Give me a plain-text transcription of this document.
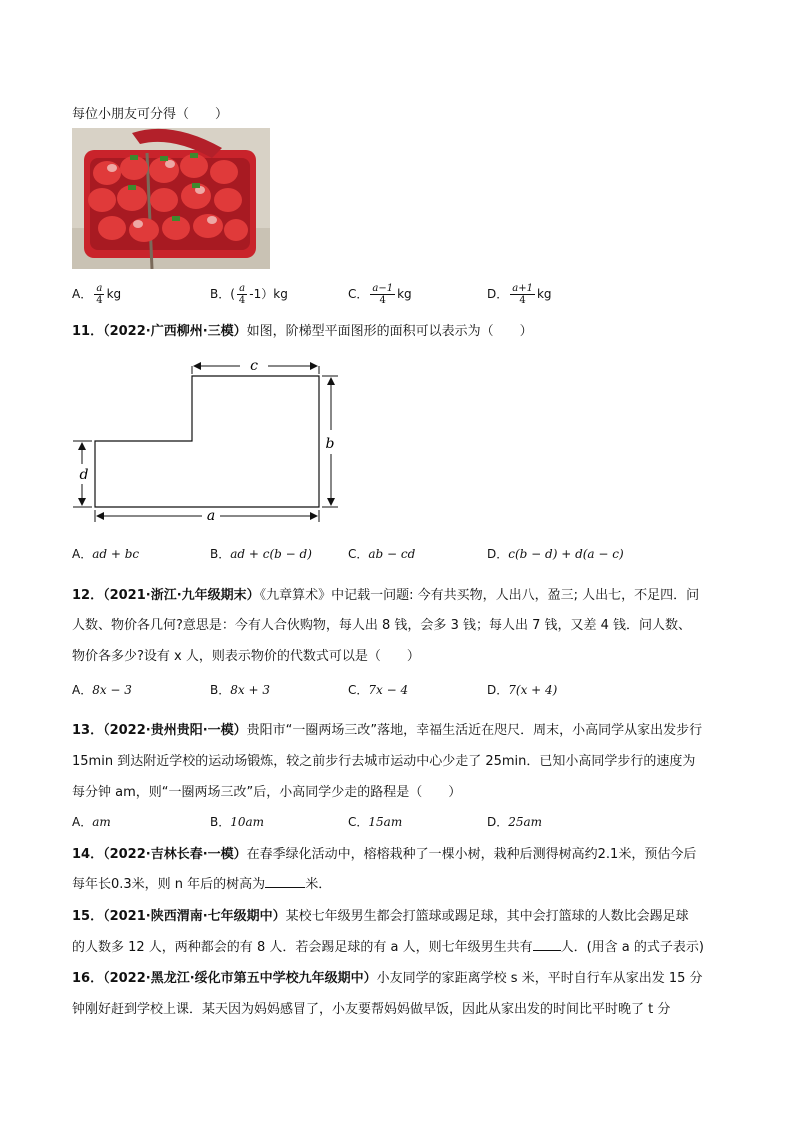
每位小朋友可分得（　　）
A． $\frac{a}{4}$ kg	B．( $\frac{a}{4} -1)kg$	C． $\frac{a-1}{4}$ kg	D． $\frac{a+1}{4}$ kg
11．（2022·广西柳州·三模）如图，阶梯型平面图形的面积可以表示为（　　）
c
b
d
a
A．ad + bc	B．ad + c(b − d)	C．ab − cd	D．c(b − d) + d(a − c)
12．（2021·浙江·九年级期末）《九章算术》中记载一问题: 今有共买物，人出八，盈三; 人出七，不足四．问
人数、物价各几何?意思是：今有人合伙购物，每人出 8 钱，会多 3 钱；每人出 7 钱，又差 4 钱．问人数、
物价各多少?设有 x 人，则表示物价的代数式可以是（　　）
A．8x − 3	B．8x + 3	C．7x − 4	D．7(x + 4)
13．（2022·贵州贵阳·一模）贵阳市“一圈两场三改”落地，幸福生活近在咫尺．周末，小高同学从家出发步行
15min 到达附近学校的运动场锻炼，较之前步行去城市运动中心少走了 25min．已知小高同学步行的速度为
每分钟 am，则“一圈两场三改”后，小高同学少走的路程是（　　）
A．am	B．10am	C．15am	D．25am
14．（2022·吉林长春·一模）在春季绿化活动中，榕榕栽种了一棵小树，栽种后测得树高约2.1米，预估今后
每年长0.3米，则 n 年后的树高为	米．
15．（2021·陕西渭南·七年级期中）某校七年级男生都会打篮球或踢足球，其中会打篮球的人数比会踢足球
的人数多 12 人，两种都会的有 8 人．若会踢足球的有 a 人，则七年级男生共有 人．(用含 a 的式子表示)
16．（2022·黑龙江·绥化市第五中学校九年级期中）小友同学的家距离学校 s 米，平时自行车从家出发 15 分
钟刚好赶到学校上课．某天因为妈妈感冒了，小友要帮妈妈做早饭，因此从家出发的时间比平时晚了 t 分
